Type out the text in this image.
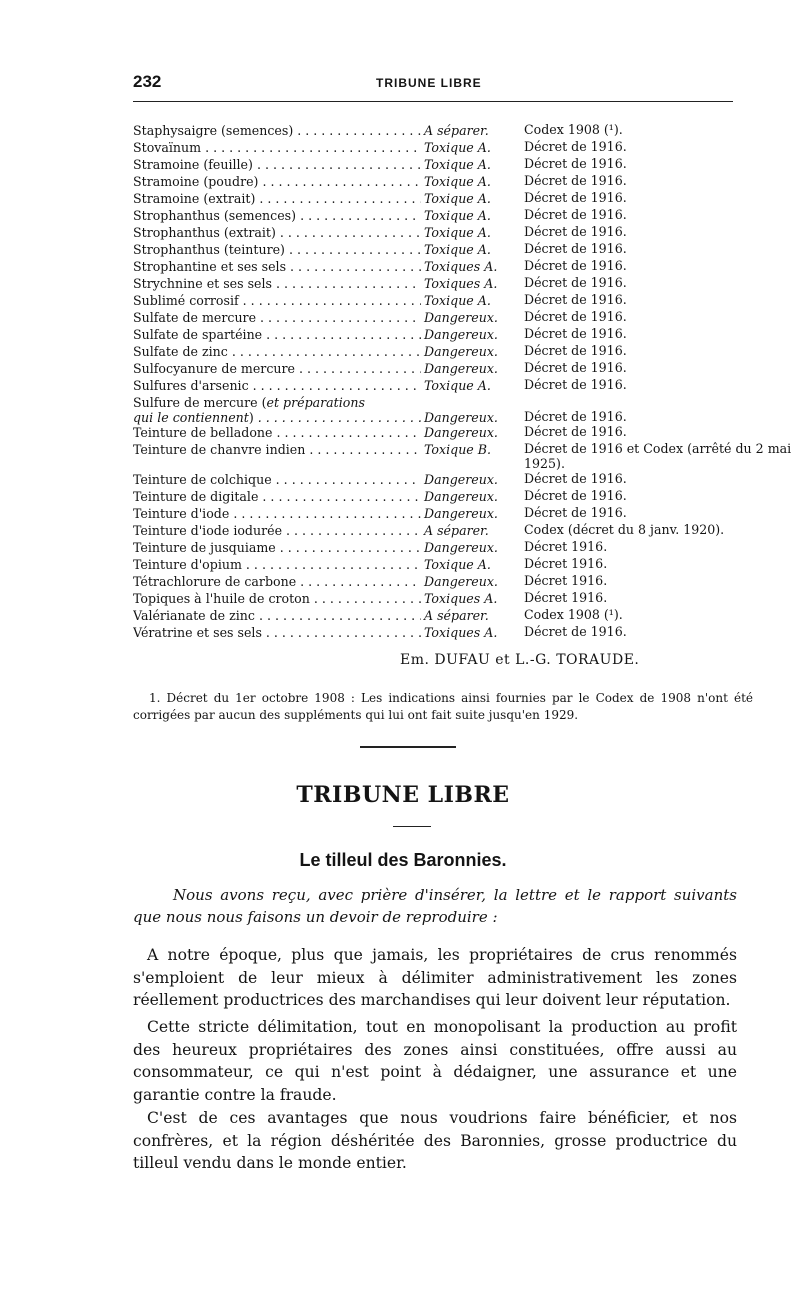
232	TRIBUNE LIBRE
Staphysaigre (semences) . . .	A séparer.	Codex 1908 (¹).
Stovaïnum . . .	Toxique A.	Décret de 1916.
Stramoine (feuille) . . .	Toxique A.	Décret de 1916.
Stramoine (poudre) . . .	Toxique A.	Décret de 1916.
Stramoine (extrait) . . .	Toxique A.	Décret de 1916.
Strophanthus (semences) . . .	Toxique A.	Décret de 1916.
Strophanthus (extrait) . . .	Toxique A.	Décret de 1916.
Strophanthus (teinture) . . .	Toxique A.	Décret de 1916.
Strophantine et ses sels . . .	Toxiques A. Décret de 1916.
Strychnine et ses sels . . .	Toxiques A. Décret de 1916.
Sublimé corrosif . . .	Toxique A.	Décret de 1916.
Sulfate de mercure . . .	Dangereux. Décret de 1916.
Sulfate de spartéine . . .	Dangereux. Décret de 1916.
Sulfate de zinc . . .	Dangereux. Décret de 1916.
Sulfocyanure de mercure . . .	Dangereux. Décret de 1916.
Sulfures d'arsenic . . .	Toxique A.	Décret de 1916.
Sulfure de mercure (et préparations
qui le contiennent) . . .	Dangereux. Décret de 1916.
Teinture de belladone . . .	Dangereux. Décret de 1916.
Teinture de chanvre indien . . .	Toxique B.	Décret de 1916 et Codex (arrêté du 2 mai 1925).
Teinture de colchique . . .	Dangereux. Décret de 1916.
Teinture de digitale . . .	Dangereux. Décret de 1916.
Teinture d'iode . . .	Dangereux. Décret de 1916.
Teinture d'iode iodurée . . .	A séparer.	Codex (décret du 8 janv. 1920).
Teinture de jusquiame . . .	Dangereux. Décret 1916.
Teinture d'opium . . .	Toxique A.	Décret 1916.
Tétrachlorure de carbone . . .	Dangereux. Décret 1916.
Topiques à l'huile de croton . . .	Toxiques A. Décret 1916.
Valérianate de zinc . . .	A séparer.	Codex 1908 (¹).
Vératrine et ses sels . . .	Toxiques A. Décret de 1916.
Em. DUFAU et L.-G. TORAUDE.
1. Décret du 1er octobre 1908 : Les indications ainsi fournies par le Codex de 1908 n'ont été corrigées par aucun des suppléments qui lui ont fait suite jusqu'en 1929.
TRIBUNE LIBRE
Le tilleul des Baronnies.
Nous avons reçu, avec prière d'insérer, la lettre et le rapport suivants que nous nous faisons un devoir de reproduire :
A notre époque, plus que jamais, les propriétaires de crus renommés s'emploient de leur mieux à délimiter administrativement les zones réellement productrices des marchandises qui leur doivent leur réputation.
Cette stricte délimitation, tout en monopolisant la production au profit des heureux propriétaires des zones ainsi constituées, offre aussi au consommateur, ce qui n'est point à dédaigner, une assurance et une garantie contre la fraude.
C'est de ces avantages que nous voudrions faire bénéficier, et nos confrères, et la région déshéritée des Baronnies, grosse productrice du tilleul vendu dans le monde entier.
